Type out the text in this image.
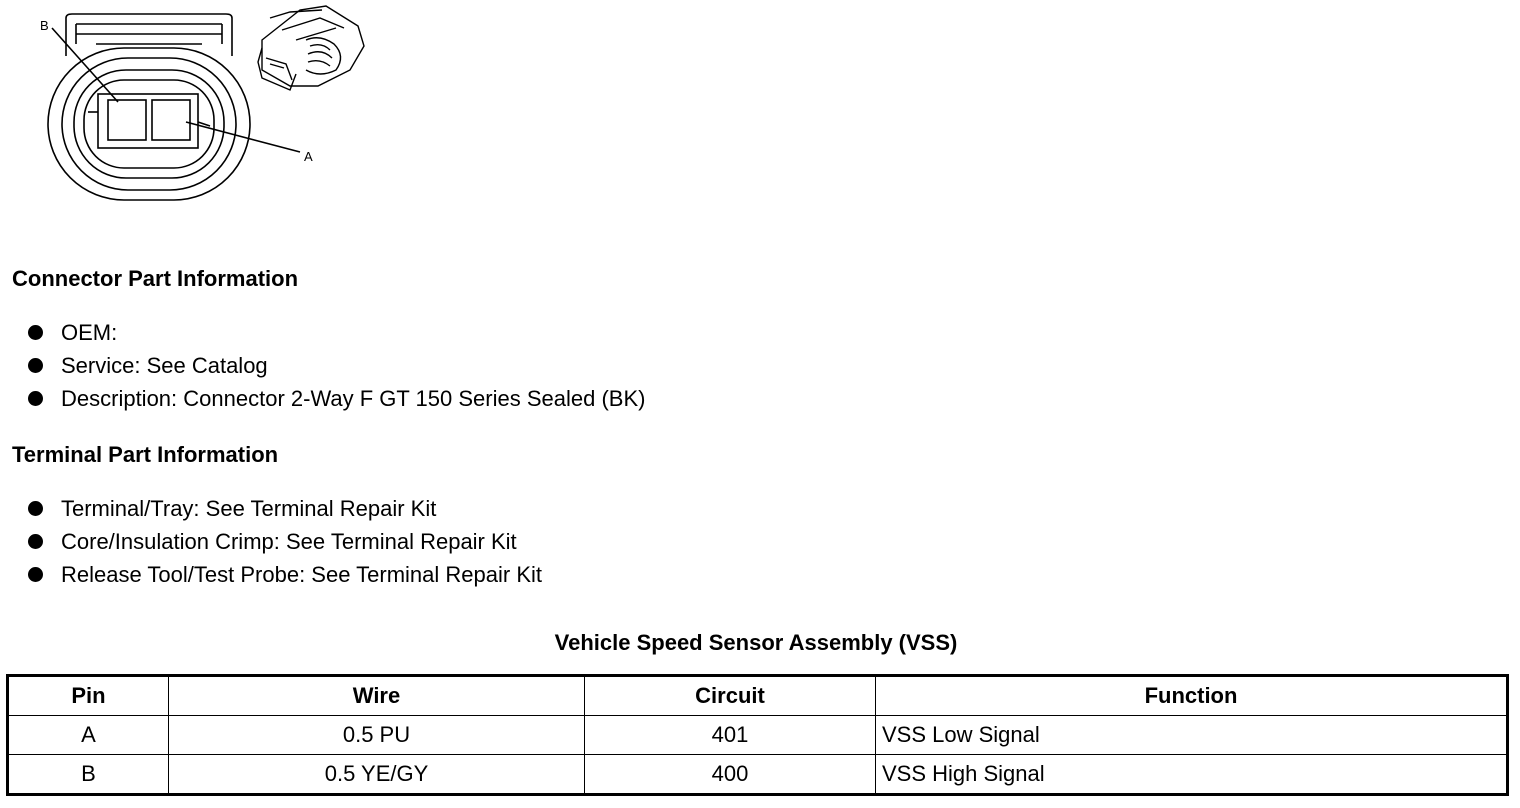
B
A
Connector Part Information
OEM:
Service: See Catalog
Description: Connector 2-Way F GT 150 Series Sealed (BK)
Terminal Part Information
Terminal/Tray: See Terminal Repair Kit
Core/Insulation Crimp: See Terminal Repair Kit
Release Tool/Test Probe: See Terminal Repair Kit
Vehicle Speed Sensor Assembly (VSS)
Pin	Wire	Circuit	Function
A	0.5 PU	401	VSS Low Signal
B	0.5 YE/GY	400	VSS High Signal
